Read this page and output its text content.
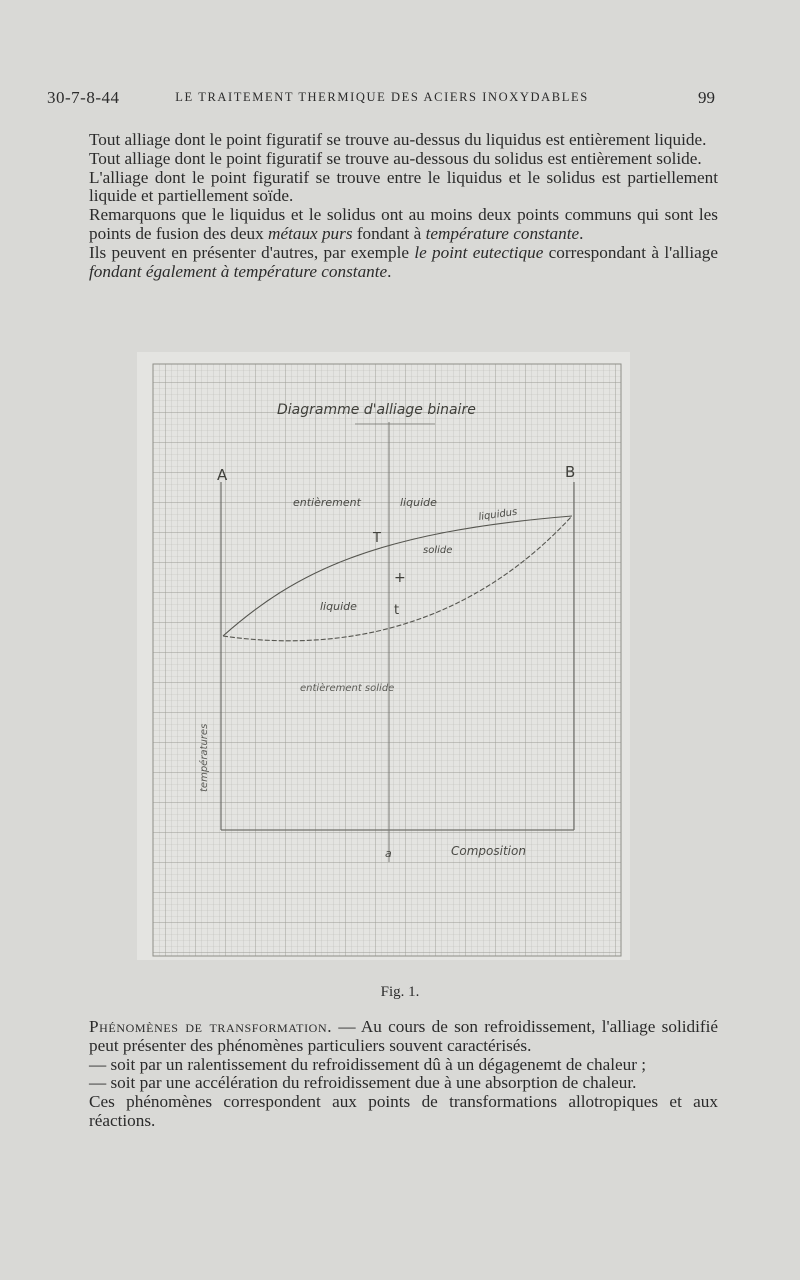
30-7-8-44	LE TRAITEMENT THERMIQUE DES ACIERS INOXYDABLES	99

Tout alliage dont le point figuratif se trouve au-dessus du liquidus est entièrement liquide.

Tout alliage dont le point figuratif se trouve au-dessous du solidus est entièrement solide.

L'alliage dont le point figuratif se trouve entre le liquidus et le solidus est partiellement liquide et partiellement soïde.

Remarquons que le liquidus et le solidus ont au moins deux points communs qui sont les points de fusion des deux métaux purs fondant à température constante.

Ils peuvent en présenter d'autres, par exemple le point eutectique correspondant à l'alliage fondant également à température constante.

Diagramme d'alliage binaire
A	B
entièrement	liquide
liquidus
T
solide
+
liquide	t
entièrement solide
températures
a	Composition
Fig. 1.

Phénomènes de transformation. — Au cours de son refroidissement, l'alliage solidifié peut présenter des phénomènes particuliers souvent caractérisés.

— soit par un ralentissement du refroidissement dû à un dégagenemt de chaleur ;

— soit par une accélération du refroidissement due à une absorption de chaleur.

Ces phénomènes correspondent aux points de transformations allotropiques et aux réactions.
